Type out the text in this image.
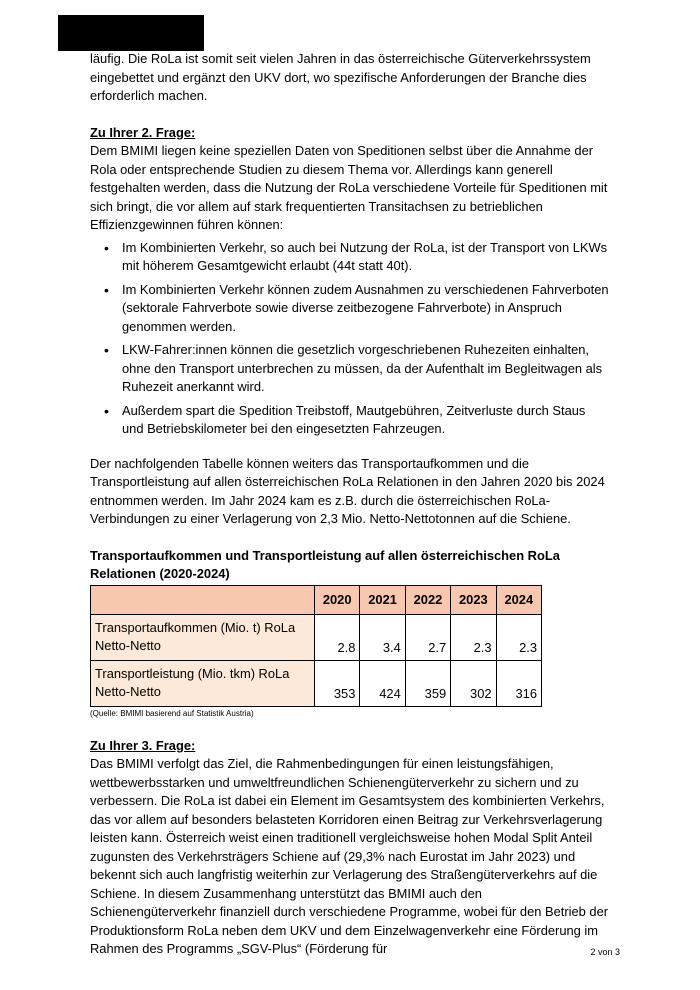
läufig. Die RoLa ist somit seit vielen Jahren in das österreichische Güterverkehrssystem eingebettet und ergänzt den UKV dort, wo spezifische Anforderungen der Branche dies erforderlich machen.

Zu Ihrer 2. Frage:

Dem BMIMI liegen keine speziellen Daten von Speditionen selbst über die Annahme der Rola oder entsprechende Studien zu diesem Thema vor. Allerdings kann generell festgehalten werden, dass die Nutzung der RoLa verschiedene Vorteile für Speditionen mit sich bringt, die vor allem auf stark frequentierten Transitachsen zu betrieblichen Effizienzgewinnen führen können:

• Im Kombinierten Verkehr, so auch bei Nutzung der RoLa, ist der Transport von LKWs mit höherem Gesamtgewicht erlaubt (44t statt 40t).
• Im Kombinierten Verkehr können zudem Ausnahmen zu verschiedenen Fahrverboten (sektorale Fahrverbote sowie diverse zeitbezogene Fahrverbote) in Anspruch genommen werden.
• LKW-Fahrer:innen können die gesetzlich vorgeschriebenen Ruhezeiten einhalten, ohne den Transport unterbrechen zu müssen, da der Aufenthalt im Begleitwagen als Ruhezeit anerkannt wird.
• Außerdem spart die Spedition Treibstoff, Mautgebühren, Zeitverluste durch Staus und Betriebskilometer bei den eingesetzten Fahrzeugen.

Der nachfolgenden Tabelle können weiters das Transportaufkommen und die Transportleistung auf allen österreichischen RoLa Relationen in den Jahren 2020 bis 2024 entnommen werden. Im Jahr 2024 kam es z.B. durch die österreichischen RoLa-Verbindungen zu einer Verlagerung von 2,3 Mio. Netto-Nettotonnen auf die Schiene.

Transportaufkommen und Transportleistung auf allen österreichischen RoLa Relationen (2020-2024)

	2020	2021	2022	2023	2024
Transportaufkommen (Mio. t) RoLa Netto-Netto	2.8	3.4	2.7	2.3	2.3
Transportleistung (Mio. tkm) RoLa Netto-Netto	353	424	359	302	316

(Quelle: BMIMI basierend auf Statistik Austria)

Zu Ihrer 3. Frage:

Das BMIMI verfolgt das Ziel, die Rahmenbedingungen für einen leistungsfähigen, wettbewerbsstarken und umweltfreundlichen Schienengüterverkehr zu sichern und zu verbessern. Die RoLa ist dabei ein Element im Gesamtsystem des kombinierten Verkehrs, das vor allem auf besonders belasteten Korridoren einen Beitrag zur Verkehrsverlagerung leisten kann. Österreich weist einen traditionell vergleichsweise hohen Modal Split Anteil zugunsten des Verkehrsträgers Schiene auf (29,3% nach Eurostat im Jahr 2023) und bekennt sich auch langfristig weiterhin zur Verlagerung des Straßengüterverkehrs auf die Schiene. In diesem Zusammenhang unterstützt das BMIMI auch den Schienengüterverkehr finanziell durch verschiedene Programme, wobei für den Betrieb der Produktionsform RoLa neben dem UKV und dem Einzelwagenverkehr eine Förderung im Rahmen des Programms „SGV-Plus“ (Förderung für	2 von 3
